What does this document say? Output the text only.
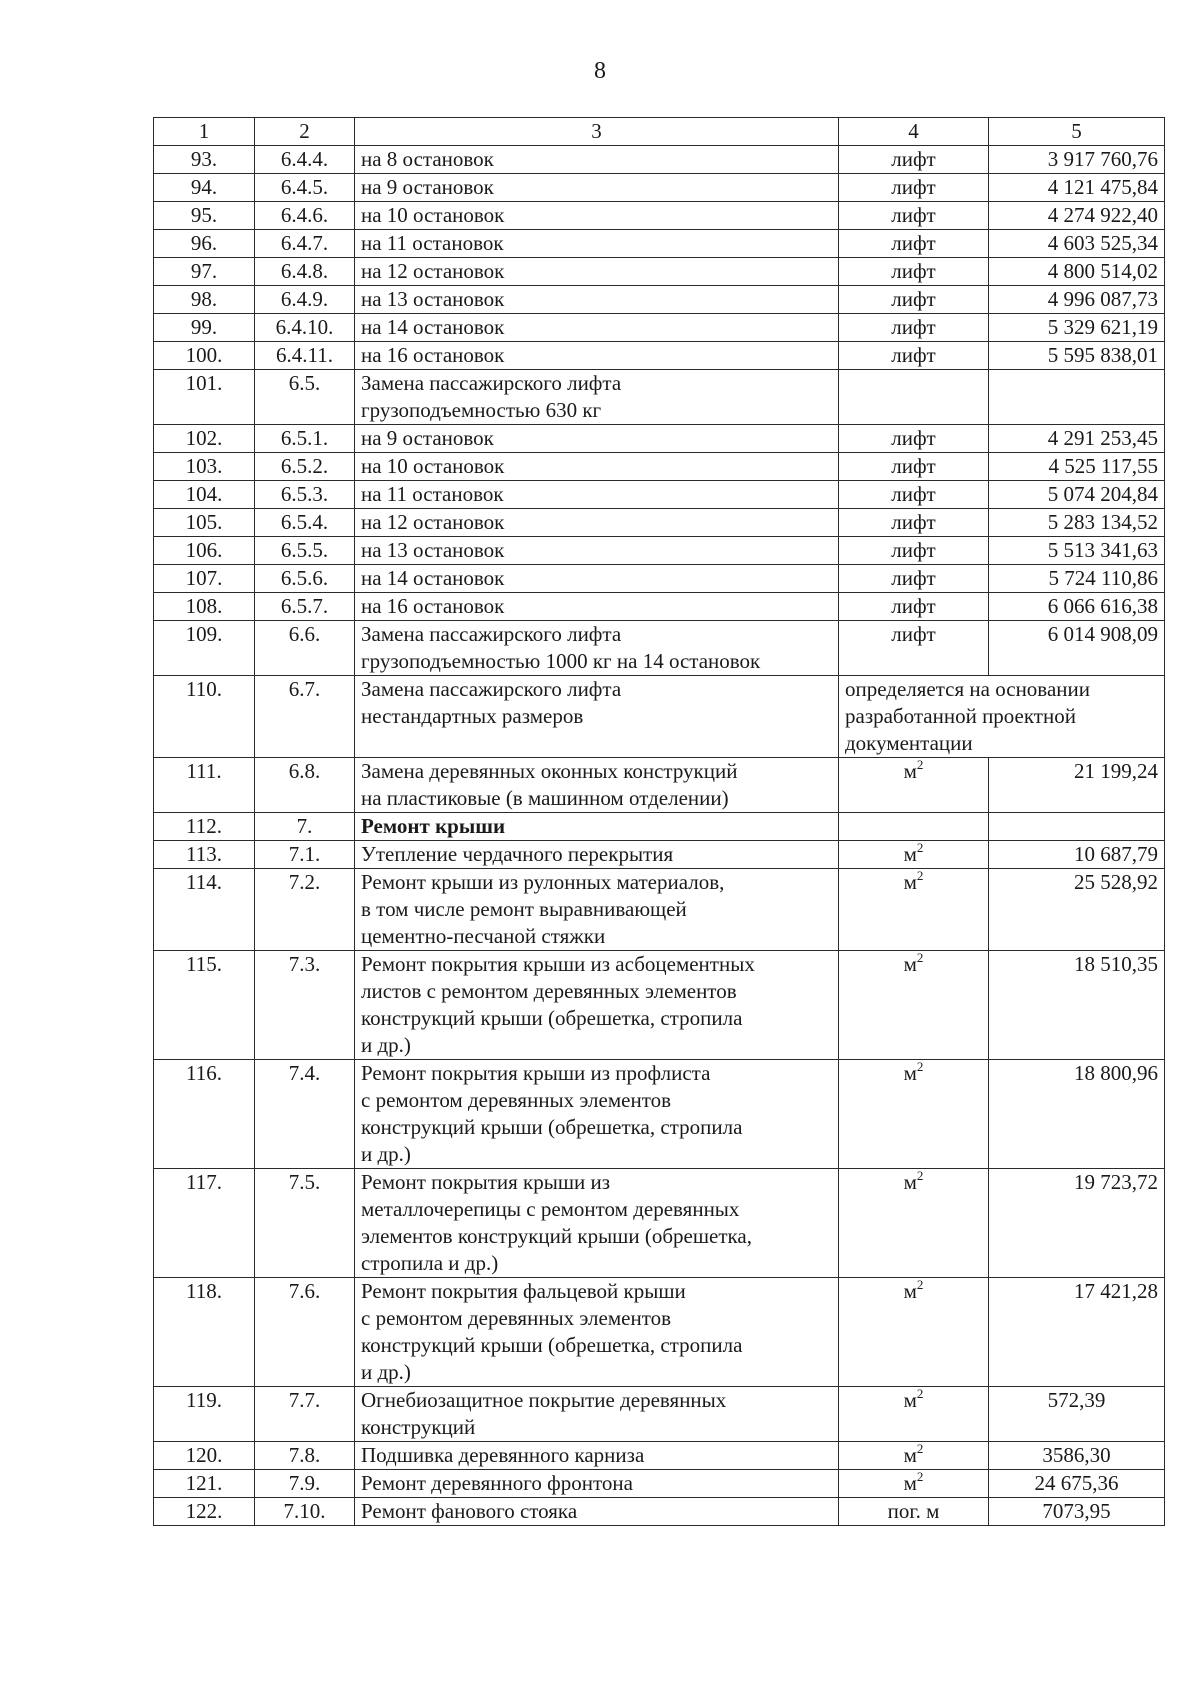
8
1	2	3	4	5
93.	6.4.4.	на 8 остановок	лифт	3 917 760,76
94.	6.4.5.	на 9 остановок	лифт	4 121 475,84
95.	6.4.6.	на 10 остановок	лифт	4 274 922,40
96.	6.4.7.	на 11 остановок	лифт	4 603 525,34
97.	6.4.8.	на 12 остановок	лифт	4 800 514,02
98.	6.4.9.	на 13 остановок	лифт	4 996 087,73
99.	6.4.10.	на 14 остановок	лифт	5 329 621,19
100.	6.4.11.	на 16 остановок	лифт	5 595 838,01
101.	6.5.	Замена пассажирского лифта
грузоподъемностью 630 кг		
102.	6.5.1.	на 9 остановок	лифт	4 291 253,45
103.	6.5.2.	на 10 остановок	лифт	4 525 117,55
104.	6.5.3.	на 11 остановок	лифт	5 074 204,84
105.	6.5.4.	на 12 остановок	лифт	5 283 134,52
106.	6.5.5.	на 13 остановок	лифт	5 513 341,63
107.	6.5.6.	на 14 остановок	лифт	5 724 110,86
108.	6.5.7.	на 16 остановок	лифт	6 066 616,38
109.	6.6.	Замена пассажирского лифта
грузоподъемностью 1000 кг на 14 остановок	лифт	6 014 908,09
110.	6.7.	Замена пассажирского лифта
нестандартных размеров	определяется на основании
разработанной проектной
документации	
111.	6.8.	Замена деревянных оконных конструкций
на пластиковые (в машинном отделении)	$м^2$	21 199,24
112.	7.	Ремонт крыши		
113.	7.1.	Утепление чердачного перекрытия	$м^2$	10 687,79
114.	7.2.	Ремонт крыши из рулонных материалов,
в том числе ремонт выравнивающей
цементно-песчаной стяжки	$м^2$	25 528,92
115.	7.3.	Ремонт покрытия крыши из асбоцементных
листов с ремонтом деревянных элементов
конструкций крыши (обрешетка, стропила
и др.)	$м^2$	18 510,35
116.	7.4.	Ремонт покрытия крыши из профлиста
с ремонтом деревянных элементов
конструкций крыши (обрешетка, стропила
и др.)	$м^2$	18 800,96
117.	7.5.	Ремонт покрытия крыши из
металлочерепицы с ремонтом деревянных
элементов конструкций крыши (обрешетка,
стропила и др.)	$м^2$	19 723,72
118.	7.6.	Ремонт покрытия фальцевой крыши
с ремонтом деревянных элементов
конструкций крыши (обрешетка, стропила
и др.)	$м^2$	17 421,28
119.	7.7.	Огнебиозащитное покрытие деревянных
конструкций	$м^2$	572,39
120.	7.8.	Подшивка деревянного карниза	$м^2$	3586,30
121.	7.9.	Ремонт деревянного фронтона	$м^2$	24 675,36
122.	7.10.	Ремонт фанового стояка	пог. м	7073,95
